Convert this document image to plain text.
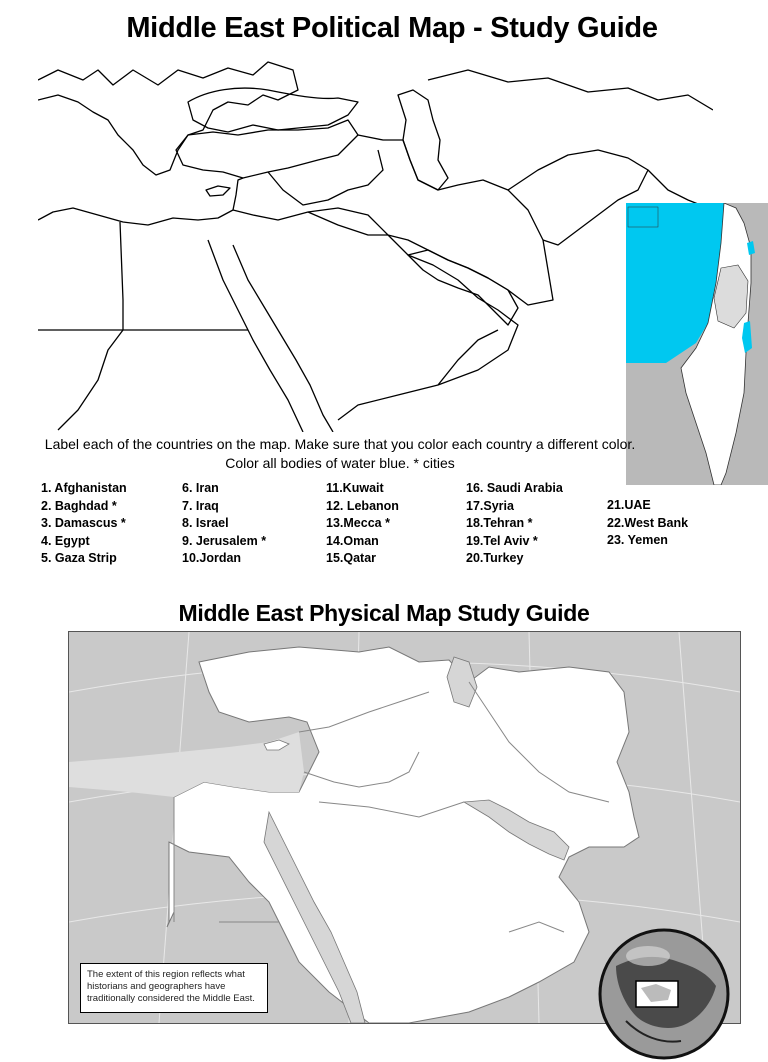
Middle East Political Map - Study Guide
Label each of the countries on the map. Make sure that you color each country a different color. Color all bodies of water blue. * cities
1. Afghanistan
2. Baghdad *
3. Damascus *
4. Egypt
5. Gaza Strip
6. Iran
7. Iraq
8. Israel
9. Jerusalem *
10.Jordan
11.Kuwait
12. Lebanon
13.Mecca *
14.Oman
15.Qatar
16. Saudi Arabia
17.Syria
18.Tehran *
19.Tel Aviv *
20.Turkey
21.UAE
22.West Bank
23. Yemen
Middle East Physical Map Study Guide
The extent of this region reflects what historians and geographers have traditionally considered the Middle East.
